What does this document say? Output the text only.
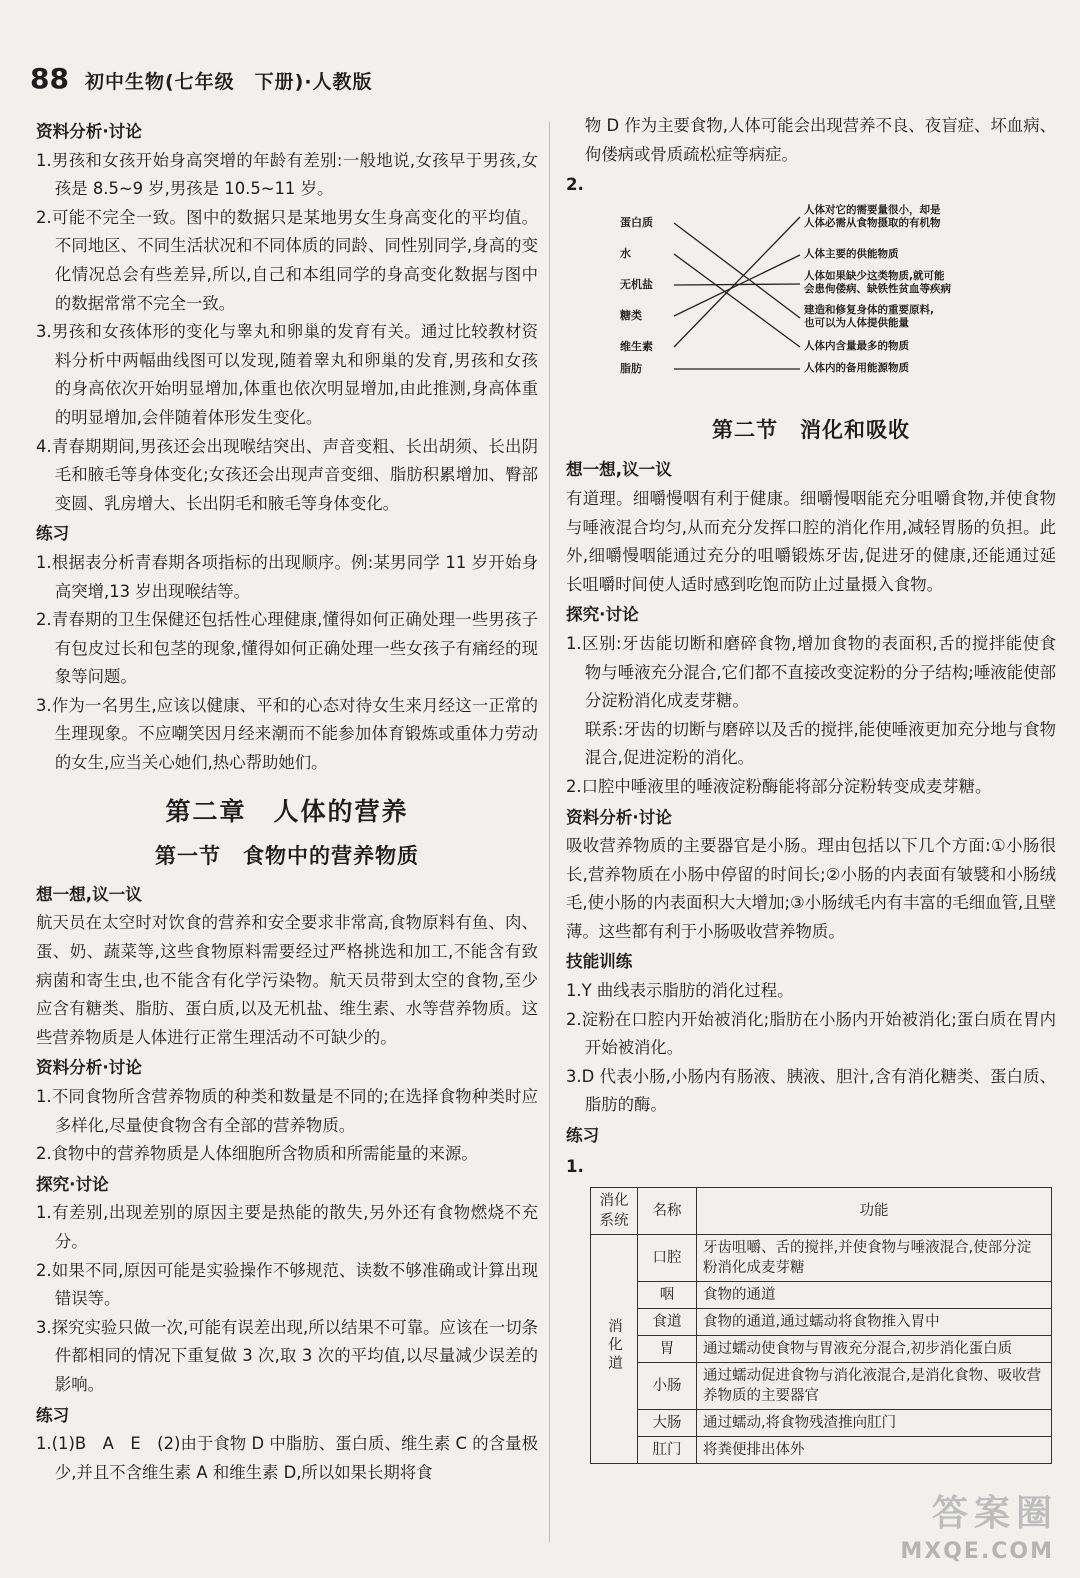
88 初中生物(七年级　下册)·人教版
资料分析·讨论
1.男孩和女孩开始身高突增的年龄有差别:一般地说,女孩早于男孩,女孩是 8.5~9 岁,男孩是 10.5~11 岁。
2.可能不完全一致。图中的数据只是某地男女生身高变化的平均值。不同地区、不同生活状况和不同体质的同龄、同性别同学,身高的变化情况总会有些差异,所以,自己和本组同学的身高变化数据与图中的数据常常不完全一致。
3.男孩和女孩体形的变化与睾丸和卵巢的发育有关。通过比较教材资料分析中两幅曲线图可以发现,随着睾丸和卵巢的发育,男孩和女孩的身高依次开始明显增加,体重也依次明显增加,由此推测,身高体重的明显增加,会伴随着体形发生变化。
4.青春期期间,男孩还会出现喉结突出、声音变粗、长出胡须、长出阴毛和腋毛等身体变化;女孩还会出现声音变细、脂肪积累增加、臀部变圆、乳房增大、长出阴毛和腋毛等身体变化。
练习
1.根据表分析青春期各项指标的出现顺序。例:某男同学 11 岁开始身高突增,13 岁出现喉结等。
2.青春期的卫生保健还包括性心理健康,懂得如何正确处理一些男孩子有包皮过长和包茎的现象,懂得如何正确处理一些女孩子有痛经的现象等问题。
3.作为一名男生,应该以健康、平和的心态对待女生来月经这一正常的生理现象。不应嘲笑因月经来潮而不能参加体育锻炼或重体力劳动的女生,应当关心她们,热心帮助她们。
第二章　人体的营养
第一节　食物中的营养物质
想一想,议一议
航天员在太空时对饮食的营养和安全要求非常高,食物原料有鱼、肉、蛋、奶、蔬菜等,这些食物原料需要经过严格挑选和加工,不能含有致病菌和寄生虫,也不能含有化学污染物。航天员带到太空的食物,至少应含有糖类、脂肪、蛋白质,以及无机盐、维生素、水等营养物质。这些营养物质是人体进行正常生理活动不可缺少的。
资料分析·讨论
1.不同食物所含营养物质的种类和数量是不同的;在选择食物种类时应多样化,尽量使食物含有全部的营养物质。
2.食物中的营养物质是人体细胞所含物质和所需能量的来源。
探究·讨论
1.有差别,出现差别的原因主要是热能的散失,另外还有食物燃烧不充分。
2.如果不同,原因可能是实验操作不够规范、读数不够准确或计算出现错误等。
3.探究实验只做一次,可能有误差出现,所以结果不可靠。应该在一切条件都相同的情况下重复做 3 次,取 3 次的平均值,以尽量减少误差的影响。
练习
1.(1)B　A　E　(2)由于食物 D 中脂肪、蛋白质、维生素 C 的含量极少,并且不含维生素 A 和维生素 D,所以如果长期将食
物 D 作为主要食物,人体可能会出现营养不良、夜盲症、坏血病、佝偻病或骨质疏松症等病症。
2.
蛋白质
水
无机盐
糖类
维生素
脂肪
人体对它的需要量很小，却是
人体必需从食物摄取的有机物
人体主要的供能物质
人体如果缺少这类物质,就可能
会患佝偻病、缺铁性贫血等疾病
建造和修复身体的重要原料,
也可以为人体提供能量
人体内含量最多的物质
人体内的备用能源物质
第二节　消化和吸收
想一想,议一议
有道理。细嚼慢咽有利于健康。细嚼慢咽能充分咀嚼食物,并使食物与唾液混合均匀,从而充分发挥口腔的消化作用,减轻胃肠的负担。此外,细嚼慢咽能通过充分的咀嚼锻炼牙齿,促进牙的健康,还能通过延长咀嚼时间使人适时感到吃饱而防止过量摄入食物。
探究·讨论
1.区别:牙齿能切断和磨碎食物,增加食物的表面积,舌的搅拌能使食物与唾液充分混合,它们都不直接改变淀粉的分子结构;唾液能使部分淀粉消化成麦芽糖。
联系:牙齿的切断与磨碎以及舌的搅拌,能使唾液更加充分地与食物混合,促进淀粉的消化。
2.口腔中唾液里的唾液淀粉酶能将部分淀粉转变成麦芽糖。
资料分析·讨论
吸收营养物质的主要器官是小肠。理由包括以下几个方面:①小肠很长,营养物质在小肠中停留的时间长;②小肠的内表面有皱襞和小肠绒毛,使小肠的内表面积大大增加;③小肠绒毛内有丰富的毛细血管,且壁薄。这些都有利于小肠吸收营养物质。
技能训练
1.Y 曲线表示脂肪的消化过程。
2.淀粉在口腔内开始被消化;脂肪在小肠内开始被消化;蛋白质在胃内开始被消化。
3.D 代表小肠,小肠内有肠液、胰液、胆汁,含有消化糖类、蛋白质、脂肪的酶。
练习
1.
消化系统	名称	功能
消化道	口腔	牙齿咀嚼、舌的搅拌,并使食物与唾液混合,使部分淀粉消化成麦芽糖
	咽	食物的通道
	食道	食物的通道,通过蠕动将食物推入胃中
	胃	通过蠕动使食物与胃液充分混合,初步消化蛋白质
	小肠	通过蠕动促进食物与消化液混合,是消化食物、吸收营养物质的主要器官
	大肠	通过蠕动,将食物残渣推向肛门
	肛门	将粪便排出体外
答案圈
MXQE.COM
